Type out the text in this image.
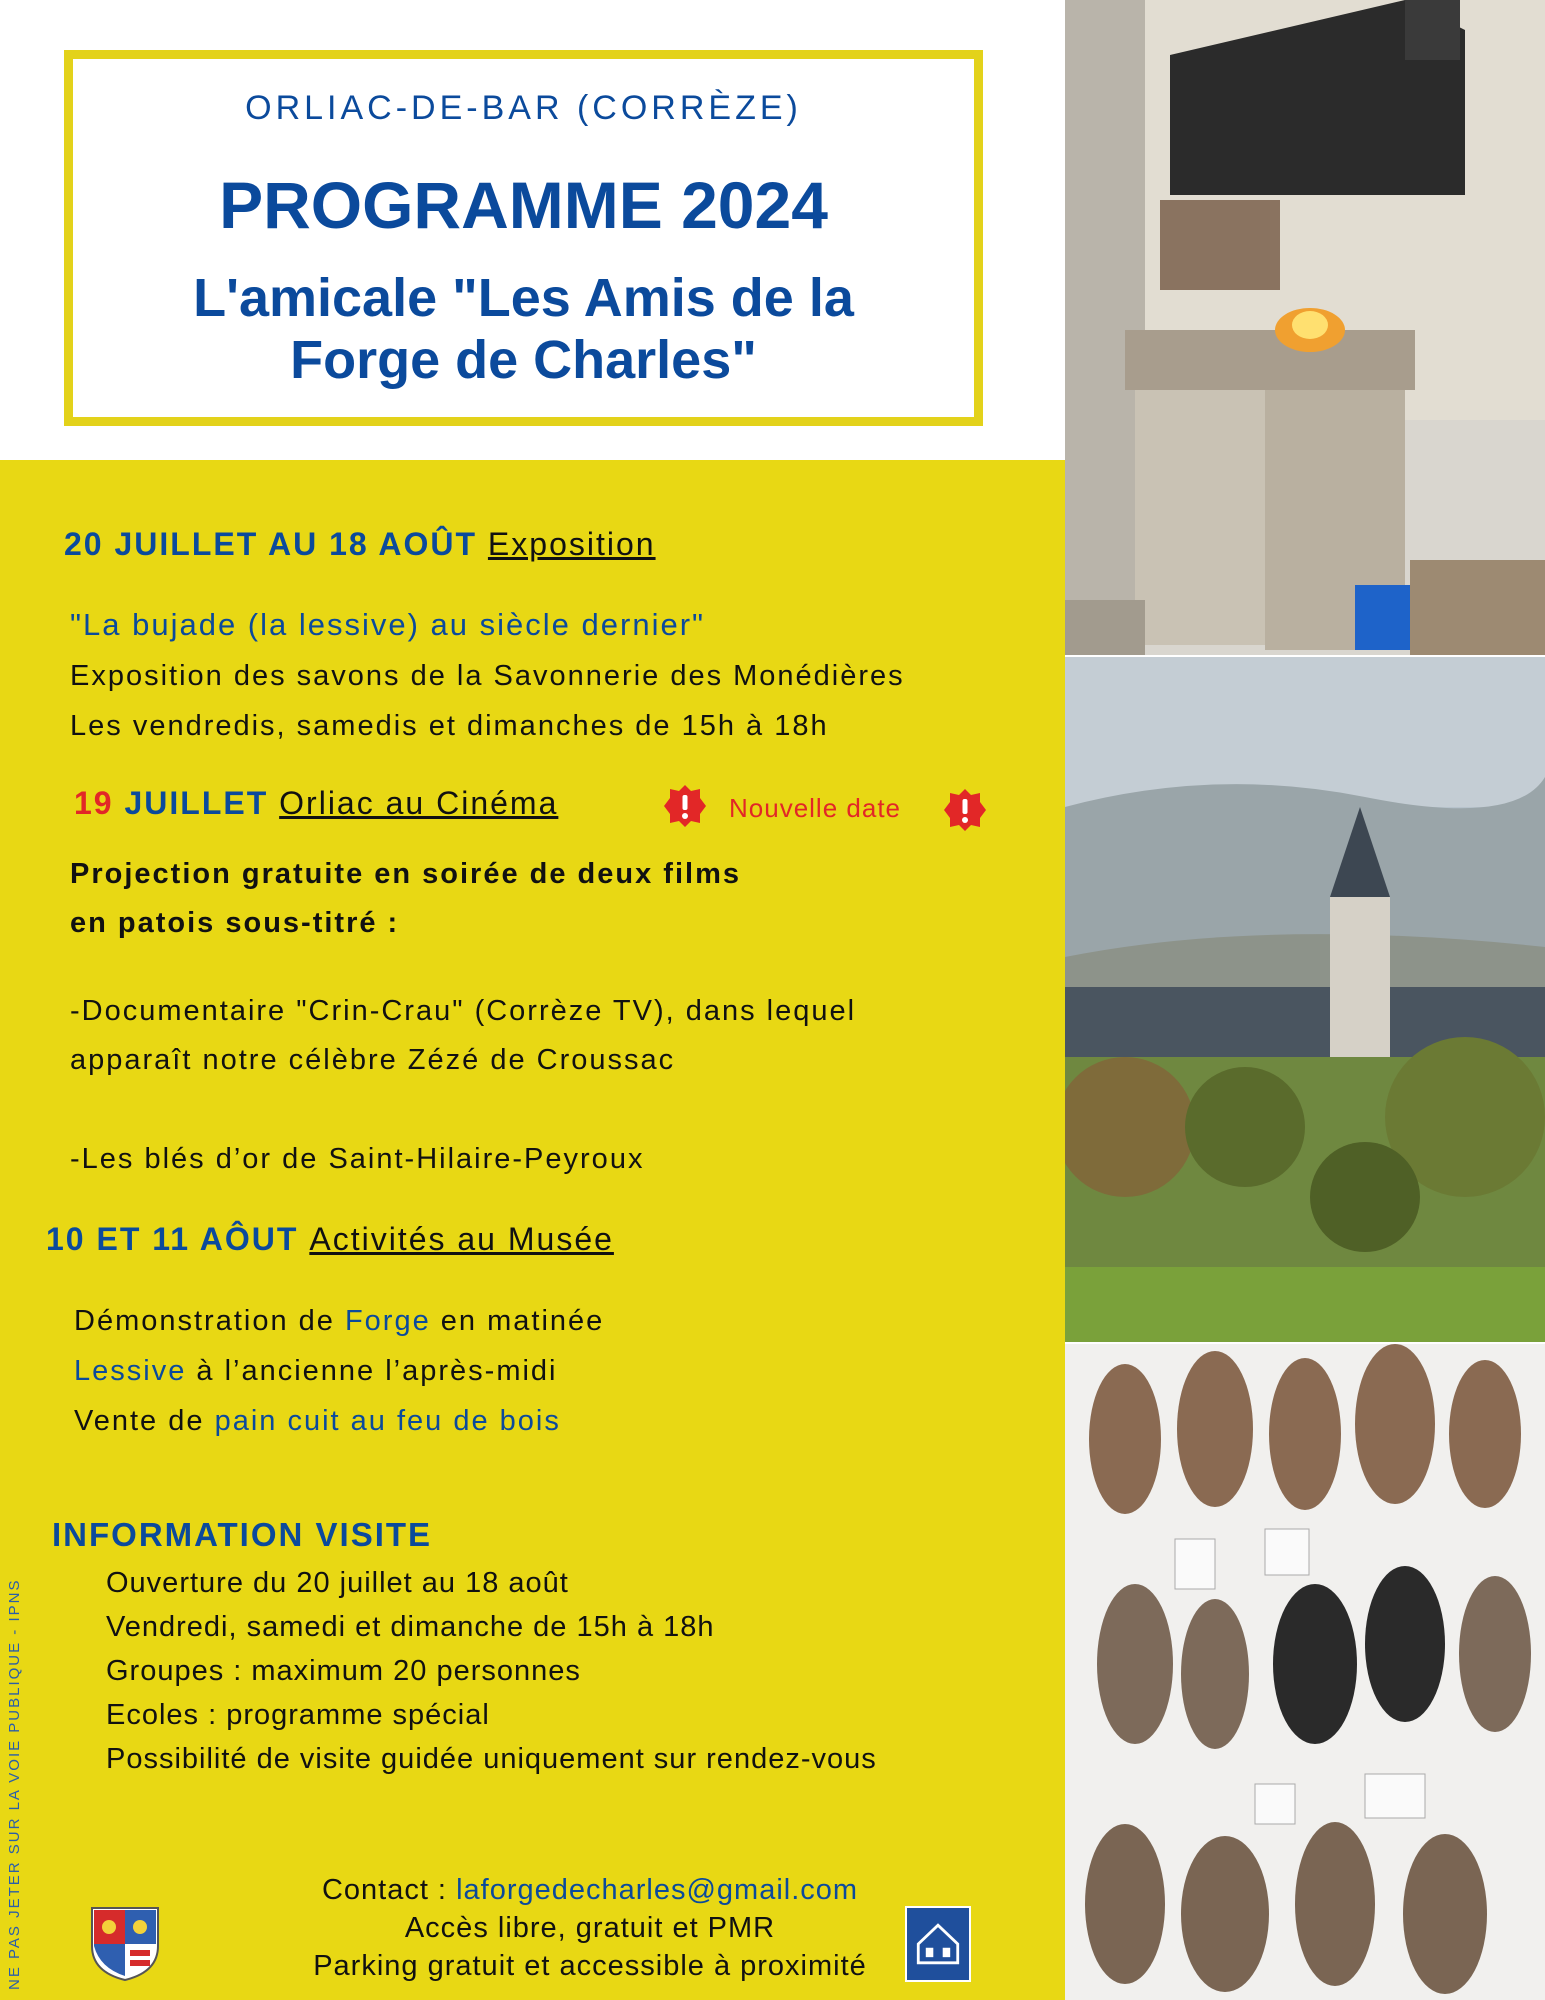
ORLIAC-DE-BAR (CORRÈZE)
PROGRAMME 2024
L'amicale "Les Amis de la
Forge de Charles"
20 JUILLET AU 18 AOÛT Exposition
"La bujade (la lessive) au siècle dernier"
Exposition des savons de la Savonnerie des Monédières
Les vendredis, samedis et dimanches de 15h à 18h
19 JUILLET Orliac au Cinéma	Nouvelle date
Projection gratuite en soirée de deux films
en patois sous-titré :
-Documentaire "Crin-Crau" (Corrèze TV), dans lequel
apparaît notre célèbre Zézé de Croussac
-Les blés d’or de Saint-Hilaire-Peyroux
10 ET 11 AÔUT Activités au Musée
Démonstration de Forge en matinée
Lessive à l’ancienne l’après-midi
Vente de pain cuit au feu de bois
INFORMATION VISITE
Ouverture du 20 juillet au 18 août
Vendredi, samedi et dimanche de 15h à 18h
Groupes : maximum 20 personnes
Ecoles : programme spécial
Possibilité de visite guidée uniquement sur rendez-vous
Contact : laforgedecharles@gmail.com
Accès libre, gratuit et PMR
Parking gratuit et accessible à proximité
NE PAS JETER SUR LA VOIE PUBLIQUE - IPNS
